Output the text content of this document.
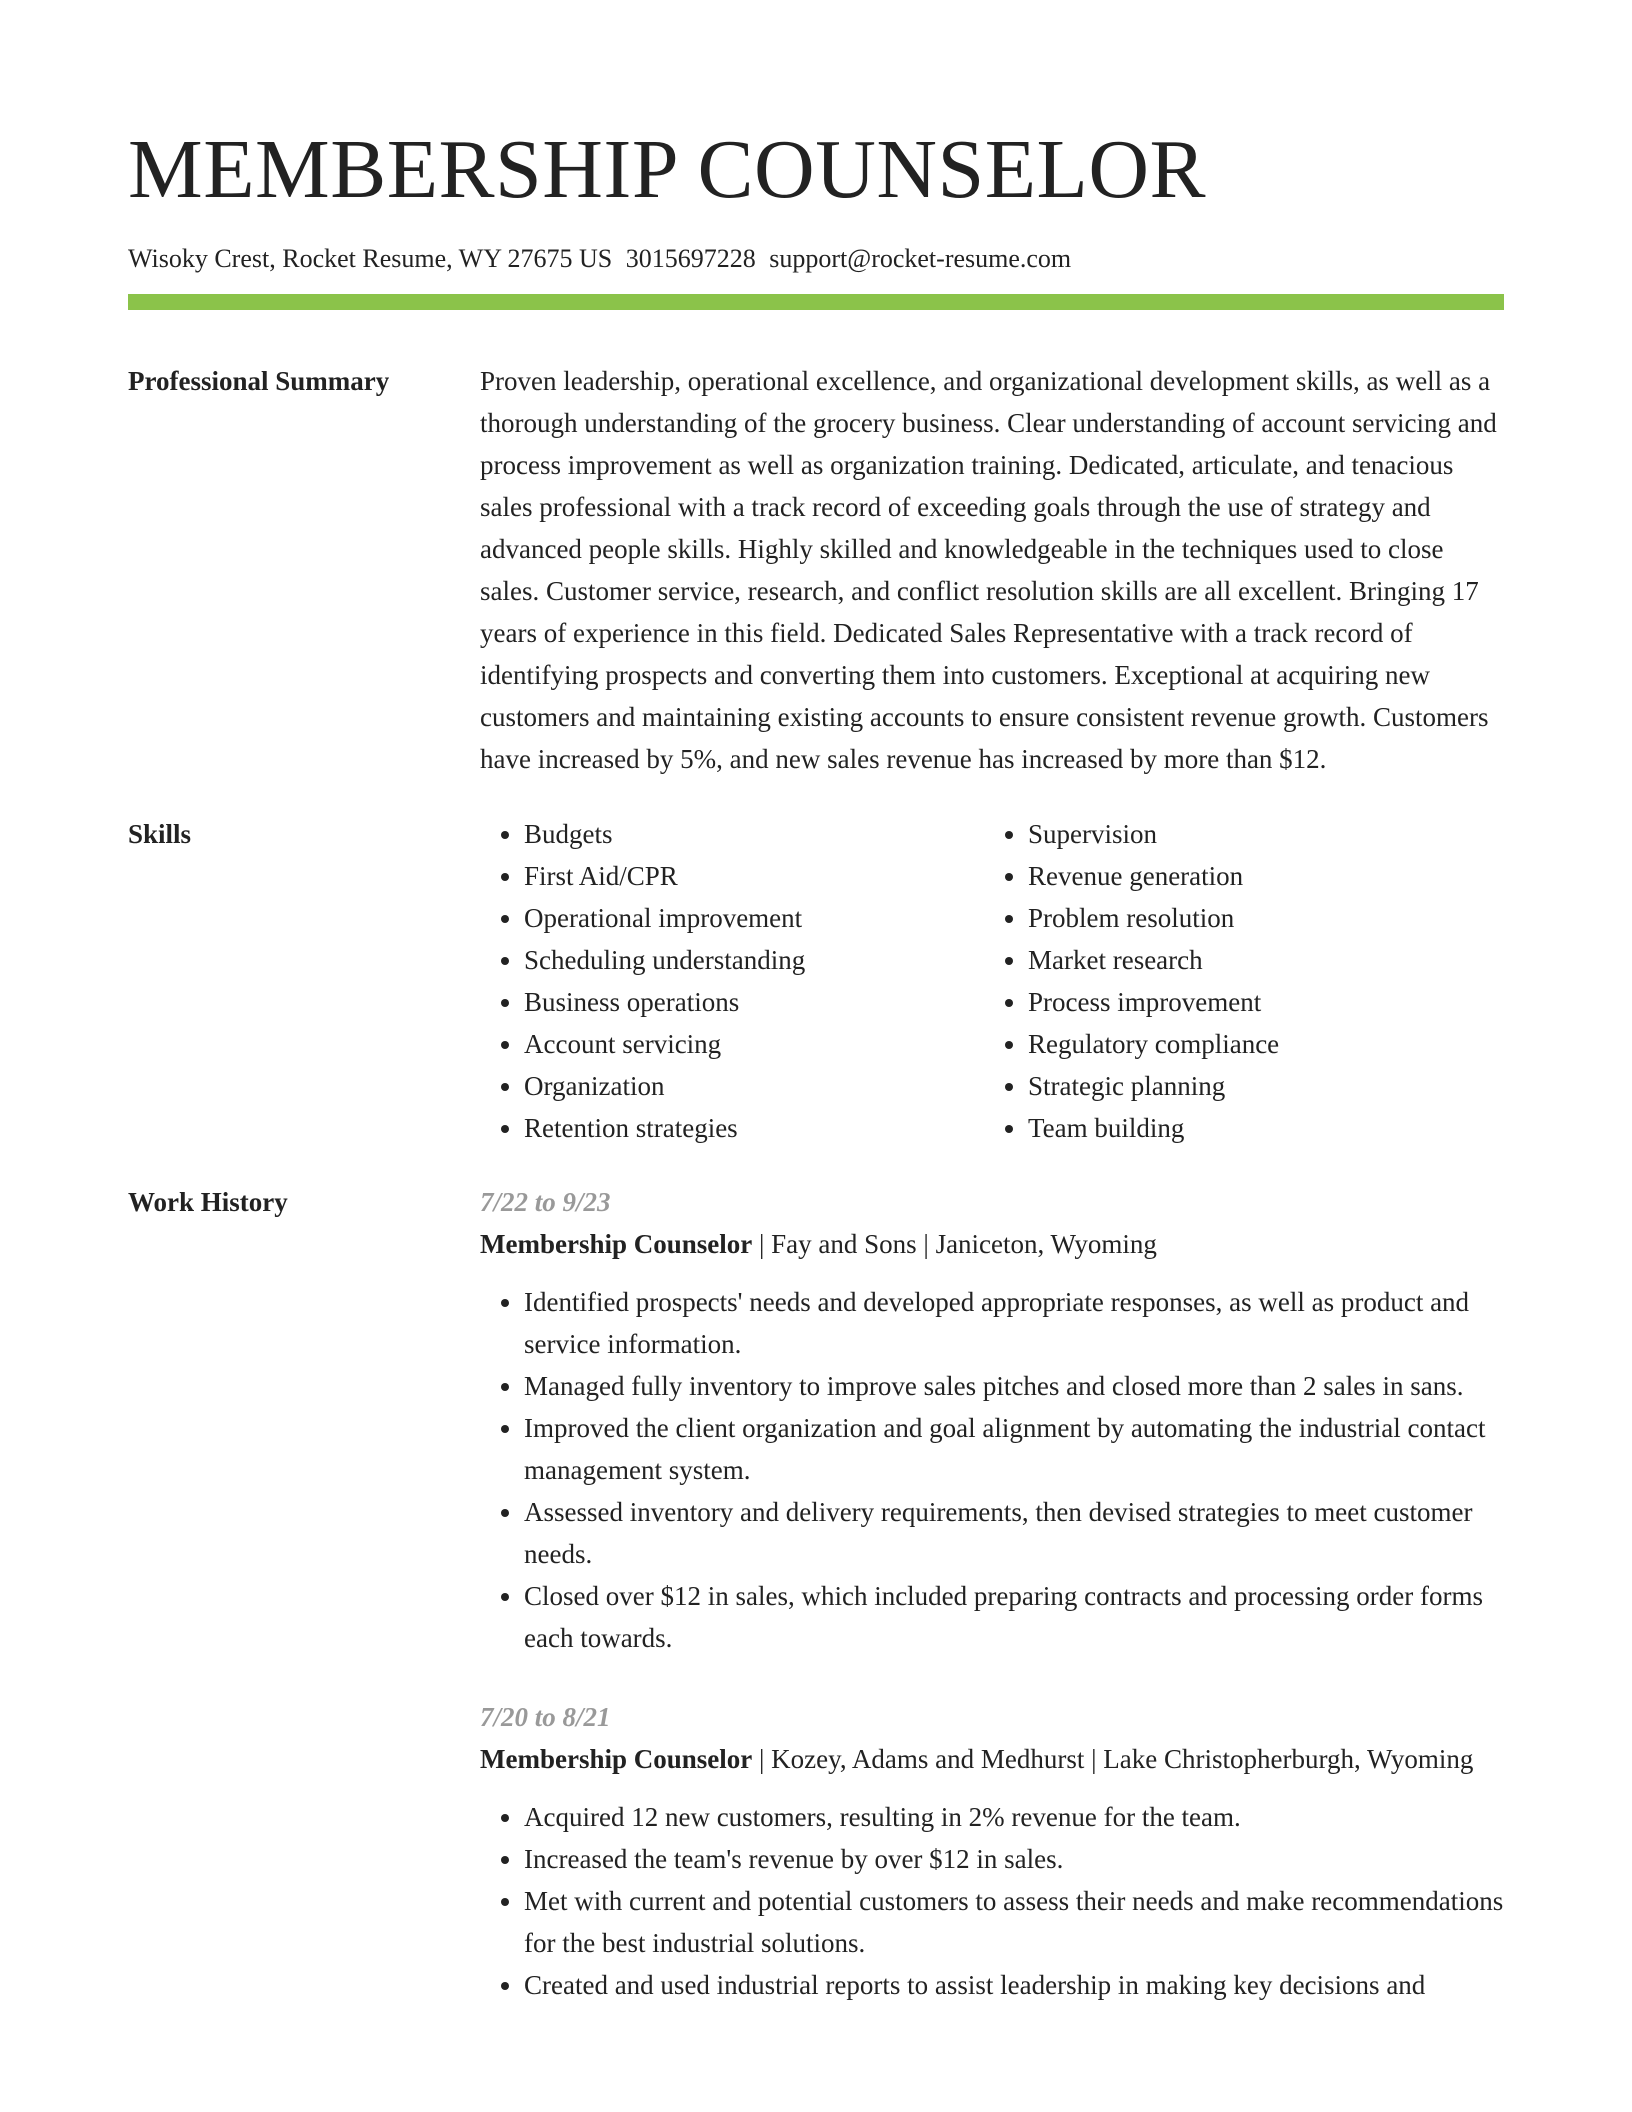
MEMBERSHIP COUNSELOR
Wisoky Crest, Rocket Resume, WY 27675 US 3015697228 support@rocket-resume.com
Professional Summary	Proven leadership, operational excellence, and organizational development skills, as well as a thorough understanding of the grocery business. Clear understanding of account servicing and process improvement as well as organization training. Dedicated, articulate, and tenacious sales professional with a track record of exceeding goals through the use of strategy and advanced people skills. Highly skilled and knowledgeable in the techniques used to close sales. Customer service, research, and conflict resolution skills are all excellent. Bringing 17 years of experience in this field. Dedicated Sales Representative with a track record of identifying prospects and converting them into customers. Exceptional at acquiring new customers and maintaining existing accounts to ensure consistent revenue growth. Customers have increased by 5%, and new sales revenue has increased by more than $12.

Skills
•	Budgets
• First Aid/CPR
• Operational improvement
• Scheduling understanding
• Business operations
• Account servicing
• Organization
• Retention strategies
• Supervision
• Revenue generation
• Problem resolution
• Market research
• Process improvement
• Regulatory compliance
• Strategic planning
• Team building
Work History	7/22 to 9/23

Membership Counselor | Fay and Sons | Janiceton, Wyoming

• Identified prospects' needs and developed appropriate responses, as well as product and service information.
• Managed fully inventory to improve sales pitches and closed more than 2 sales in sans.
• Improved the client organization and goal alignment by automating the industrial contact management system.
• Assessed inventory and delivery requirements, then devised strategies to meet customer needs.
• Closed over $12 in sales, which included preparing contracts and processing order forms each towards.
7/20 to 8/21

Membership Counselor | Kozey, Adams and Medhurst | Lake Christopherburgh, Wyoming

• Acquired 12 new customers, resulting in 2% revenue for the team.
• Increased the team's revenue by over $12 in sales.
• Met with current and potential customers to assess their needs and make recommendations for the best industrial solutions.
• Created and used industrial reports to assist leadership in making key decisions and
